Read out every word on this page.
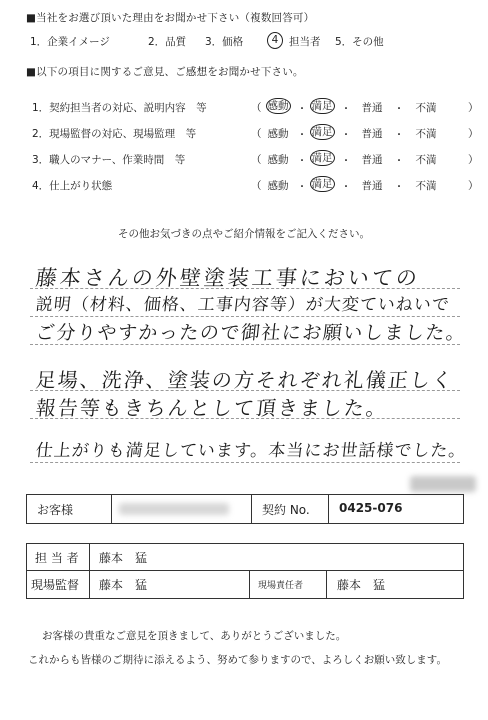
■当社をお選び頂いた理由をお聞かせ下さい（複数回答可）
1．企業イメージ	2．品質 3．価格	4	担当者 5．その他
■以下の項目に関するご意見、ご感想をお聞かせ下さい。
1．契約担当者の対応、説明内容　等	（ 感動 ・ 満足 ・	普通	・	不満	）
2．現場監督の対応、現場監理　等	（ 感動 ・ 満足 ・	普通	・	不満	）
3．職人のマナー、作業時間　等	（ 感動 ・ 満足 ・	普通	・	不満	）
4．仕上がり状態	（ 感動 ・ 満足 ・	普通	・	不満	）
その他お気づきの点やご紹介情報をご記入ください。
藤本さんの外壁塗装工事においての
説明（材料、価格、工事内容等）が大変ていねいで
ご分りやすかったので御社にお願いしました。
足場、洗浄、塗装の方それぞれ礼儀正しく
報告等もきちんとして頂きました。
仕上がりも満足しています。本当にお世話様でした。
お客様	契約 No. 0425-076
担 当 者 藤本　猛
現場監督 藤本　猛	現場責任者	藤本　猛
お客様の貴重なご意見を頂きまして、ありがとうございました。
これからも皆様のご期待に添えるよう、努めて参りますので、よろしくお願い致します。
